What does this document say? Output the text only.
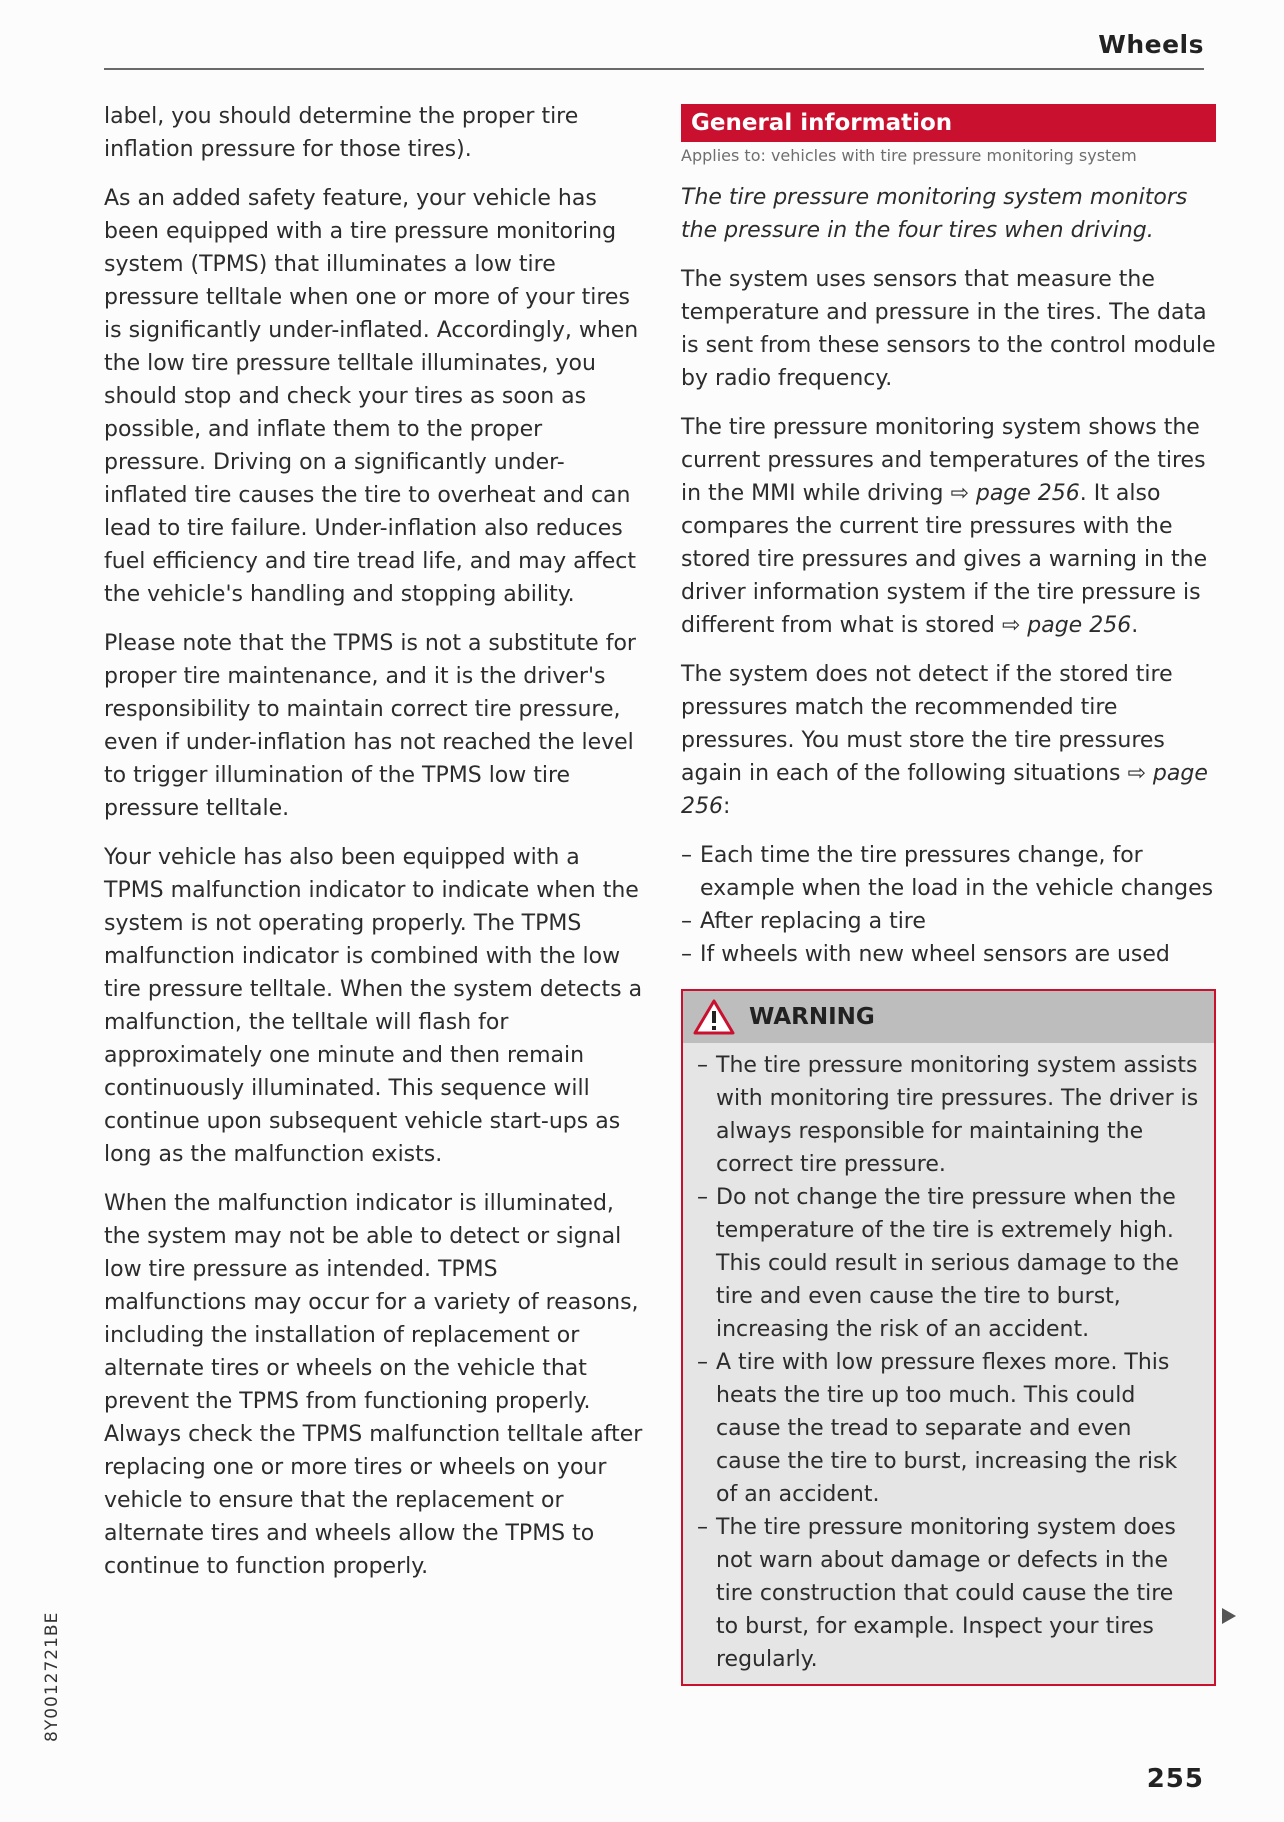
Wheels

label, you should determine the proper tire inflation pressure for those tires).

As an added safety feature, your vehicle has been equipped with a tire pressure monitoring system (TPMS) that illuminates a low tire pressure telltale when one or more of your tires is significantly under-inflated. Accordingly, when the low tire pressure telltale illuminates, you should stop and check your tires as soon as possible, and inflate them to the proper pressure. Driving on a significantly under-inflated tire causes the tire to overheat and can lead to tire failure. Under-inflation also reduces fuel efficiency and tire tread life, and may affect the vehicle's handling and stopping ability.

Please note that the TPMS is not a substitute for proper tire maintenance, and it is the driver's responsibility to maintain correct tire pressure, even if under-inflation has not reached the level to trigger illumination of the TPMS low tire pressure telltale.

Your vehicle has also been equipped with a TPMS malfunction indicator to indicate when the system is not operating properly. The TPMS malfunction indicator is combined with the low tire pressure telltale. When the system detects a malfunction, the telltale will flash for approximately one minute and then remain continuously illuminated. This sequence will continue upon subsequent vehicle start-ups as long as the malfunction exists.

When the malfunction indicator is illuminated, the system may not be able to detect or signal low tire pressure as intended. TPMS malfunctions may occur for a variety of reasons, including the installation of replacement or alternate tires or wheels on the vehicle that prevent the TPMS from functioning properly. Always check the TPMS malfunction telltale after replacing one or more tires or wheels on your vehicle to ensure that the replacement or alternate tires and wheels allow the TPMS to continue to function properly.

General information
Applies to: vehicles with tire pressure monitoring system

The tire pressure monitoring system monitors the pressure in the four tires when driving.

The system uses sensors that measure the temperature and pressure in the tires. The data is sent from these sensors to the control module by radio frequency.

The tire pressure monitoring system shows the current pressures and temperatures of the tires in the MMI while driving ⇨ page 256. It also compares the current tire pressures with the stored tire pressures and gives a warning in the driver information system if the tire pressure is different from what is stored ⇨ page 256.

The system does not detect if the stored tire pressures match the recommended tire pressures. You must store the tire pressures again in each of the following situations ⇨ page 256:

– Each time the tire pressures change, for example when the load in the vehicle changes
– After replacing a tire
– If wheels with new wheel sensors are used
WARNING
– The tire pressure monitoring system assists with monitoring tire pressures. The driver is always responsible for maintaining the correct tire pressure.
– Do not change the tire pressure when the temperature of the tire is extremely high. This could result in serious damage to the tire and even cause the tire to burst, increasing the risk of an accident.
– A tire with low pressure flexes more. This heats the tire up too much. This could cause the tread to separate and even cause the tire to burst, increasing the risk of an accident.
– The tire pressure monitoring system does not warn about damage or defects in the tire construction that could cause the tire to burst, for example. Inspect your tires regularly.
8Y0012721BE
255
